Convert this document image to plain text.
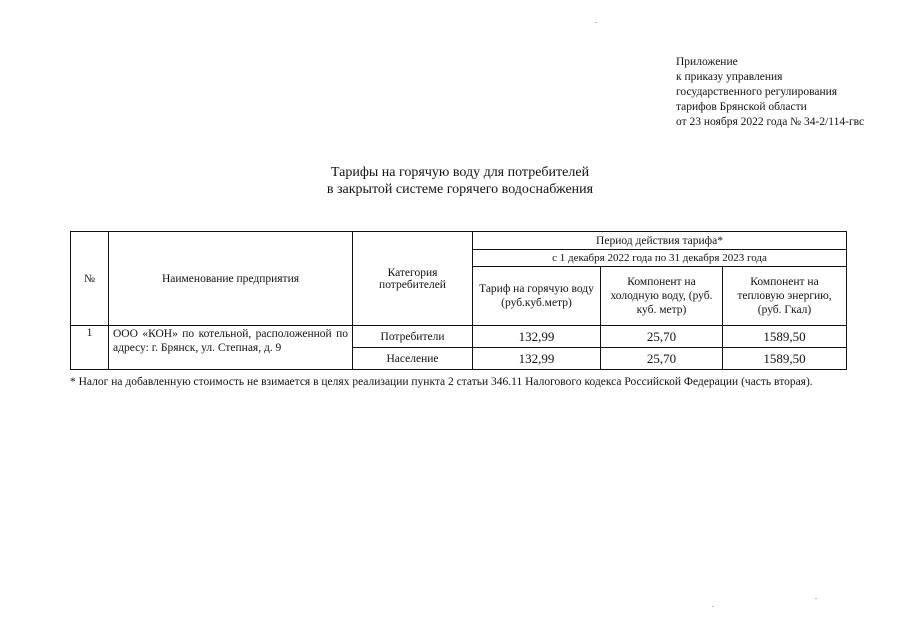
Приложение
к приказу управления
государственного регулирования
тарифов Брянской области
от 23 ноября 2022 года № 34-2/114-гвс
Тарифы на горячую воду для потребителей
в закрытой системе горячего водоснабжения
№	Наименование предприятия	Категория потребителей	Период действия тарифа*		
			с 1 декабря 2022 года по 31 декабря 2023 года		
			Тариф на горячую воду (руб.куб.метр)	Компонент на холодную воду, (руб. куб. метр)	Компонент на тепловую энергию, (руб. Гкал)
1	ООО «КОН» по котельной, расположенной по адресу: г. Брянск, ул. Степная, д. 9	Потребители	132,99	25,70	1589,50
		Население	132,99	25,70	1589,50
* Налог на добавленную стоимость не взимается в целях реализации пункта 2 статьи 346.11 Налогового кодекса Российской Федерации (часть вторая).
